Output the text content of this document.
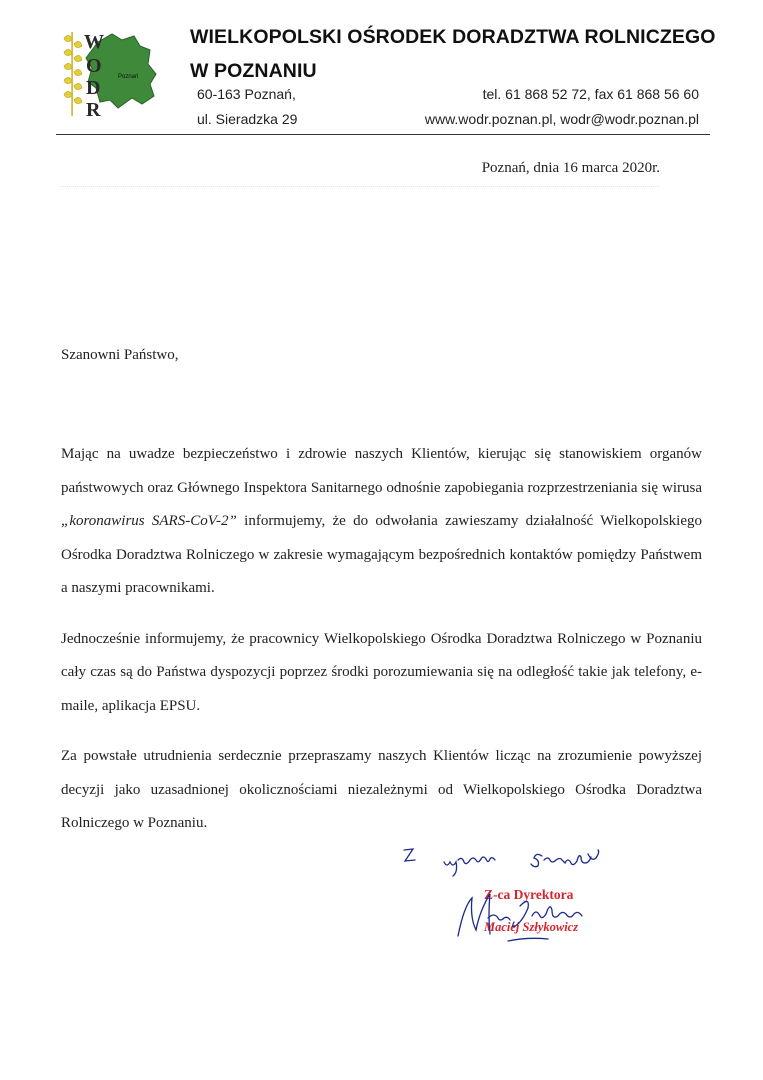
Poznań
W
O
D
R
WIELKOPOLSKI OŚRODEK DORADZTWA ROLNICZEGO
W POZNANIU
60-163 Poznań,
ul. Sieradzka 29
tel. 61 868 52 72, fax 61 868 56 60
www.wodr.poznan.pl, wodr@wodr.poznan.pl
Poznań, dnia 16 marca 2020r.
Szanowni Państwo,

Mając na uwadze bezpieczeństwo i zdrowie naszych Klientów, kierując się stanowiskiem organów państwowych oraz Głównego Inspektora Sanitarnego odnośnie zapobiegania rozprzestrzeniania się wirusa „koronawirus SARS-CoV-2” informujemy, że do odwołania zawieszamy działalność Wielkopolskiego Ośrodka Doradztwa Rolniczego w zakresie wymagającym bezpośrednich kontaktów pomiędzy Państwem a naszymi pracownikami.

Jednocześnie informujemy, że pracownicy Wielkopolskiego Ośrodka Doradztwa Rolniczego w Poznaniu cały czas są do Państwa dyspozycji poprzez środki porozumiewania się na odległość takie jak telefony, e-maile, aplikacja EPSU.

Za powstałe utrudnienia serdecznie przepraszamy naszych Klientów licząc na zrozumienie powyższej decyzji jako uzasadnionej okolicznościami niezależnymi od Wielkopolskiego Ośrodka Doradztwa Rolniczego w Poznaniu.

Z-ca Dyrektora
Maciej Szłykowicz
